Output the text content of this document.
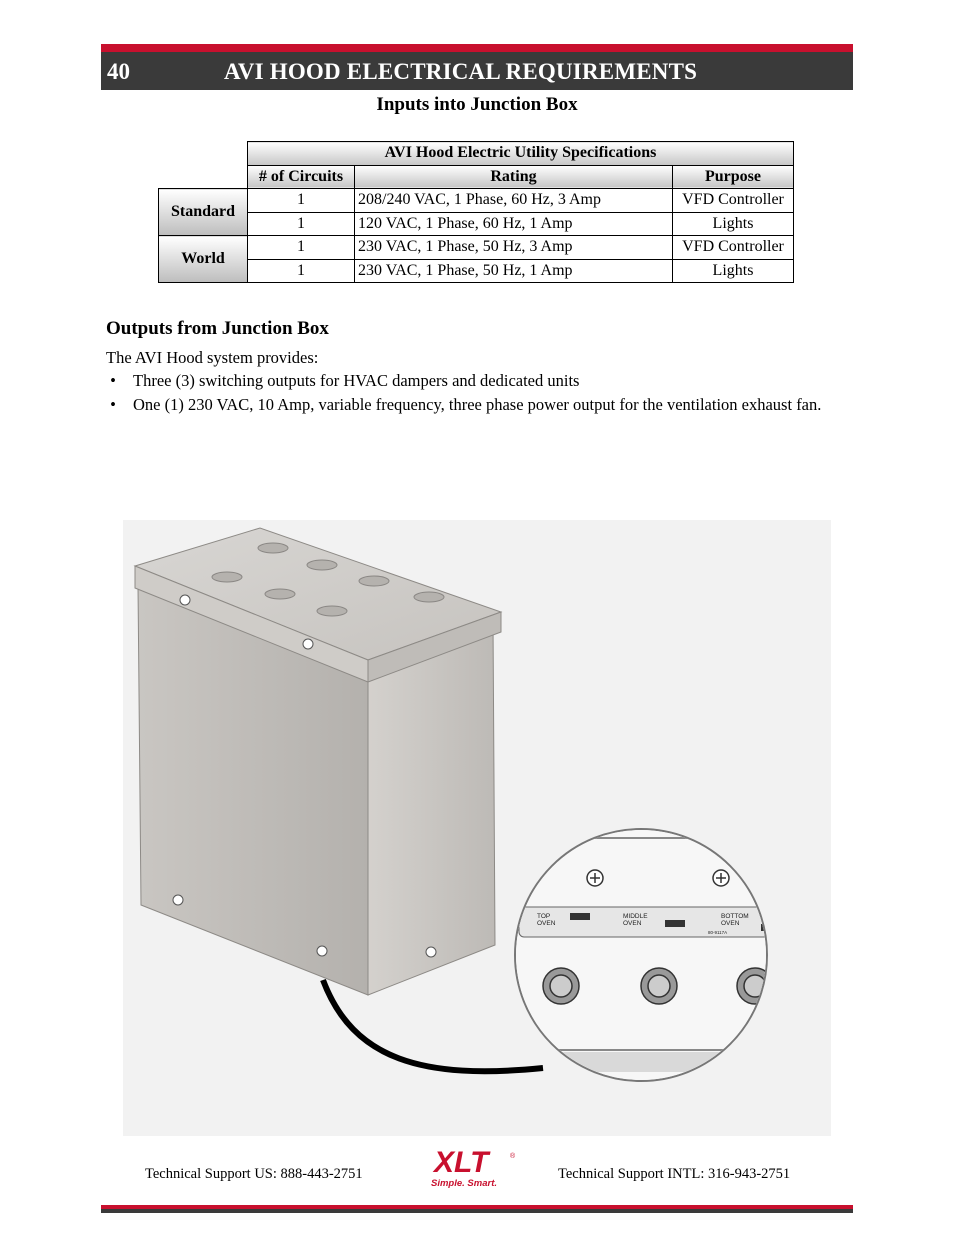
40	AVI HOOD ELECTRICAL REQUIREMENTS
Inputs into Junction Box
	AVI Hood Electric Utility Specifications		
	# of Circuits	Rating	Purpose
Standard	1	208/240 VAC, 1 Phase, 60 Hz, 3 Amp	VFD Controller
	1	120 VAC, 1 Phase, 60 Hz, 1 Amp	Lights
World	1	230 VAC, 1 Phase, 50 Hz, 3 Amp	VFD Controller
	1	230 VAC, 1 Phase, 50 Hz, 1 Amp	Lights
Outputs from Junction Box
The AVI Hood system provides:
• Three (3) switching outputs for HVAC dampers and dedicated units
• One (1) 230 VAC, 10 Amp, variable frequency, three phase power output for the ventilation exhaust fan.
TOP
OVEN
MIDDLE
OVEN
BOTTOM
OVEN
80-9117A
Technical Support US: 888-443-2751 XLT	®
Simple. Smart.
Technical Support INTL: 316-943-2751
